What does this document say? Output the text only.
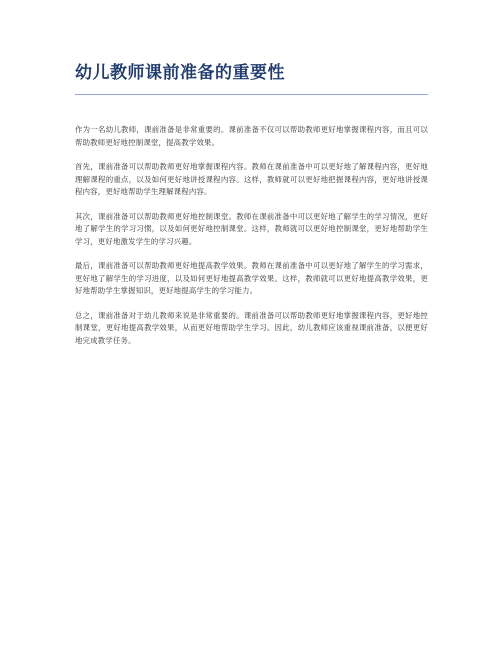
幼儿教师课前准备的重要性

作为一名幼儿教师，课前准备是非常重要的。课前准备不仅可以帮助教师更好地掌握课程内容，而且可以帮助教师更好地控制课堂，提高教学效果。

首先，课前准备可以帮助教师更好地掌握课程内容。教师在课前准备中可以更好地了解课程内容，更好地理解课程的重点，以及如何更好地讲授课程内容。这样，教师就可以更好地把握课程内容，更好地讲授课程内容，更好地帮助学生理解课程内容。

其次，课前准备可以帮助教师更好地控制课堂。教师在课前准备中可以更好地了解学生的学习情况，更好地了解学生的学习习惯，以及如何更好地控制课堂。这样，教师就可以更好地控制课堂，更好地帮助学生学习，更好地激发学生的学习兴趣。

最后，课前准备可以帮助教师更好地提高教学效果。教师在课前准备中可以更好地了解学生的学习需求，更好地了解学生的学习进度，以及如何更好地提高教学效果。这样，教师就可以更好地提高教学效果，更好地帮助学生掌握知识，更好地提高学生的学习能力。

总之，课前准备对于幼儿教师来说是非常重要的。课前准备可以帮助教师更好地掌握课程内容，更好地控制课堂，更好地提高教学效果，从而更好地帮助学生学习。因此，幼儿教师应该重视课前准备，以便更好地完成教学任务。
